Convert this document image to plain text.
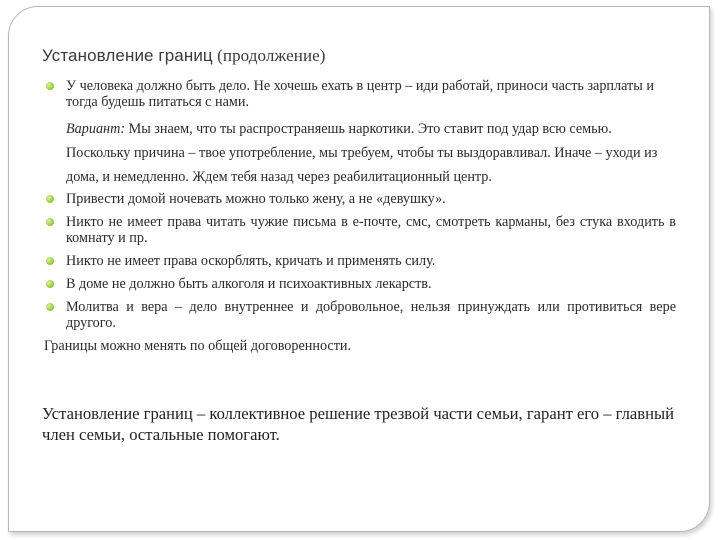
Установление границ (продолжение)
У человека должно быть дело. Не хочешь ехать в центр – иди работай, приноси часть зарплаты и тогда будешь питаться с нами.
Вариант: Мы знаем, что ты распространяешь наркотики. Это ставит под удар всю семью. Поскольку причина – твое употребление, мы требуем, чтобы ты выздоравливал. Иначе – уходи из дома, и немедленно. Ждем тебя назад через реабилитационный центр.
Привести домой ночевать можно только жену, а не «девушку».
Никто не имеет права читать чужие письма в е-почте, смс, смотреть карманы, без стука входить в комнату и пр.
Никто не имеет права оскорблять, кричать и применять силу.
В доме не должно быть алкоголя и психоактивных лекарств.
Молитва и вера – дело внутреннее и добровольное, нельзя принуждать или противиться вере другого.
Границы можно менять по общей договоренности.
Установление границ – коллективное решение трезвой части семьи, гарант его – главный член семьи, остальные помогают.
